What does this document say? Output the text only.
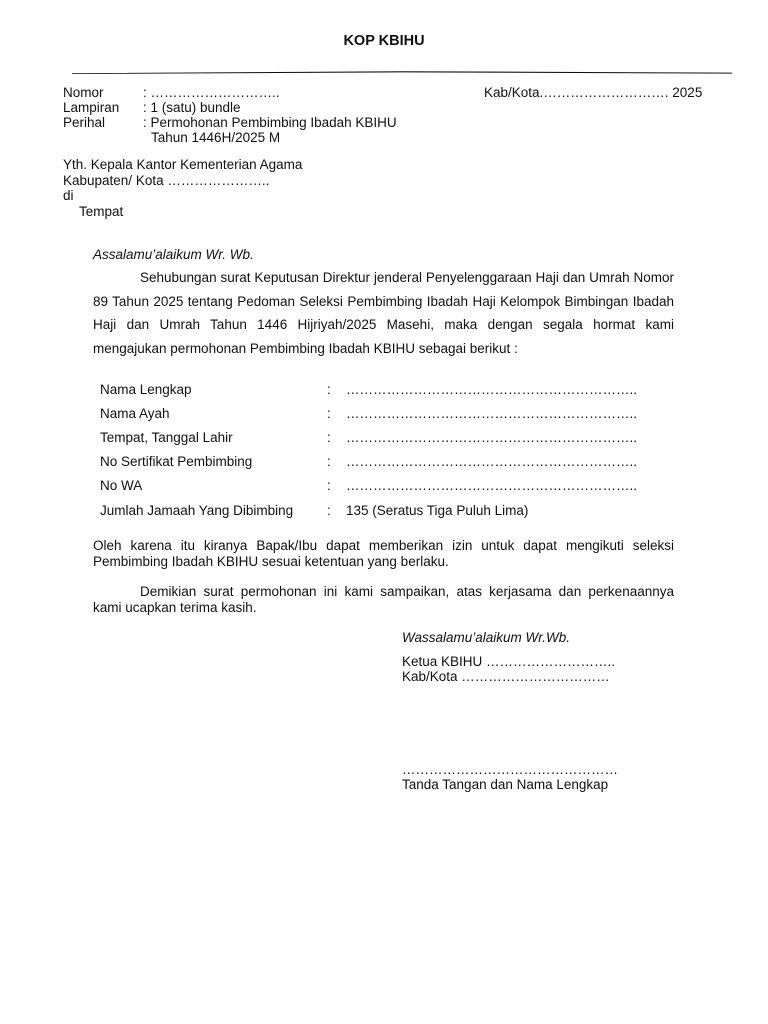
KOP KBIHU
Nomor	: ………………………..	Kab/Kota.………………………. 2025
Lampiran : 1 (satu) bundle
Perihal	: Permohonan Pembimbing Ibadah KBIHU
Tahun 1446H/2025 M
Yth. Kepala Kantor Kementerian Agama
Kabupaten/ Kota …………………..
di
Tempat
Assalamu’alaikum Wr. Wb.
Sehubungan surat Keputusan Direktur jenderal Penyelenggaraan Haji dan Umrah Nomor 89 Tahun 2025 tentang Pedoman Seleksi Pembimbing Ibadah Haji Kelompok Bimbingan Ibadah Haji dan Umrah Tahun 1446 Hijriyah/2025 Masehi, maka dengan segala hormat kami mengajukan permohonan Pembimbing Ibadah KBIHU sebagai berikut :
Nama Lengkap	: ………………………………………………………..
Nama Ayah	: ………………………………………………………..
Tempat, Tanggal Lahir	: ………………………………………………………..
No Sertifikat Pembimbing	: ………………………………………………………..
No WA	: ………………………………………………………..
Jumlah Jamaah Yang Dibimbing	: 135 (Seratus Tiga Puluh Lima)
Oleh karena itu kiranya Bapak/Ibu dapat memberikan izin untuk dapat mengikuti seleksi Pembimbing Ibadah KBIHU sesuai ketentuan yang berlaku.
Demikian surat permohonan ini kami sampaikan, atas kerjasama dan perkenaannya kami ucapkan terima kasih.
Wassalamu’alaikum Wr.Wb.
Ketua KBIHU ………………………..
Kab/Kota ……………………………
…………………………………………
Tanda Tangan dan Nama Lengkap
